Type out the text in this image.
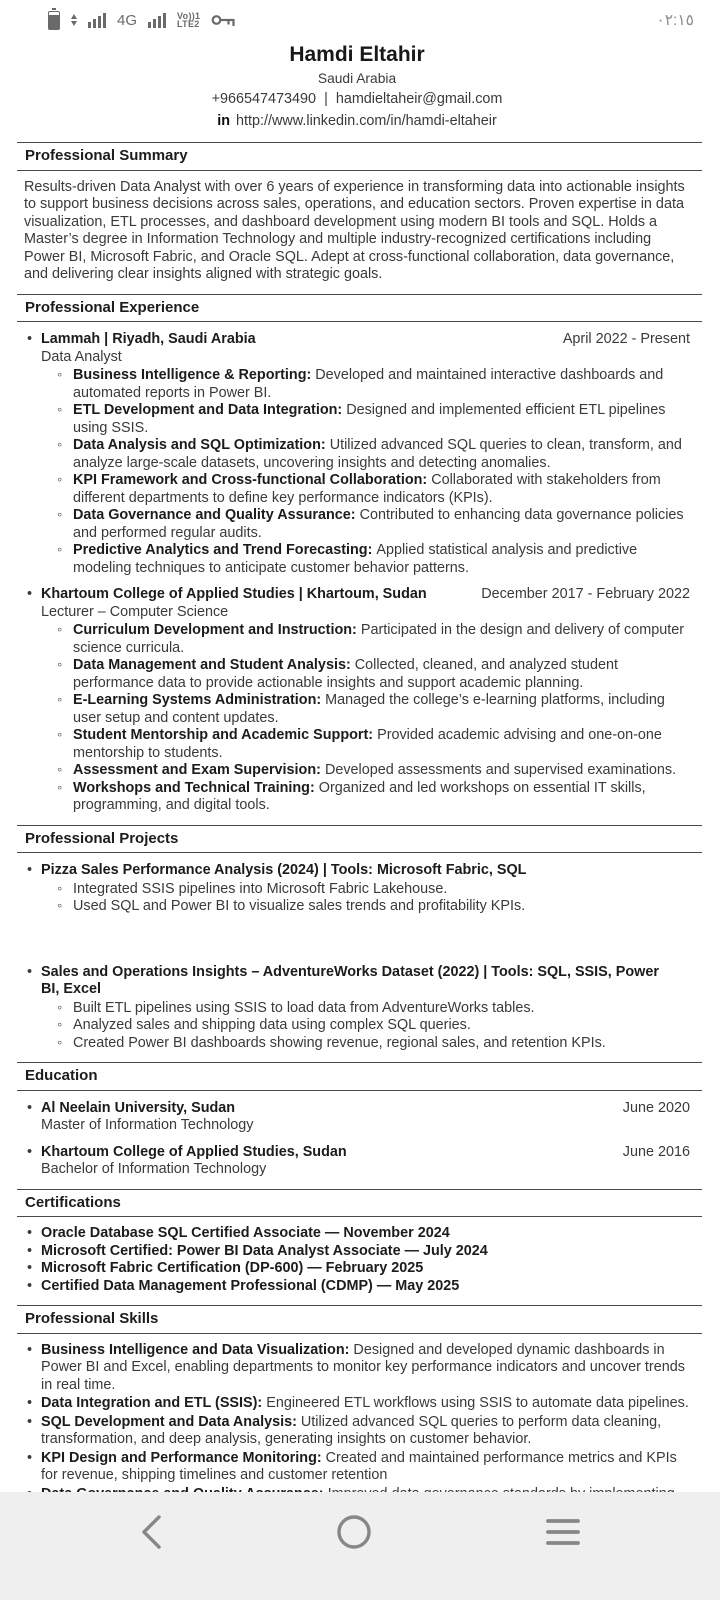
4G	Vo))1
LTE2	٠٢:١٥
Hamdi Eltahir
Saudi Arabia
+966547473490 | hamdieltaheir@gmail.com
in http://www.linkedin.com/in/hamdi-eltaheir
Professional Summary

Results-driven Data Analyst with over 6 years of experience in transforming data into actionable insights to support business decisions across sales, operations, and education sectors. Proven expertise in data visualization, ETL processes, and dashboard development using modern BI tools and SQL. Holds a Master’s degree in Information Technology and multiple industry-recognized certifications including Power BI, Microsoft Fabric, and Oracle SQL. Adept at cross-functional collaboration, data governance, and delivering clear insights aligned with strategic goals.

Professional Experience
• Lammah | Riyadh, Saudi Arabia	April 2022 - Present
Data Analyst
◦ Business Intelligence & Reporting: Developed and maintained interactive dashboards and automated reports in Power BI.
◦ ETL Development and Data Integration: Designed and implemented efficient ETL pipelines using SSIS.
◦ Data Analysis and SQL Optimization: Utilized advanced SQL queries to clean, transform, and analyze large-scale datasets, uncovering insights and detecting anomalies.
◦ KPI Framework and Cross-functional Collaboration: Collaborated with stakeholders from different departments to define key performance indicators (KPIs).
◦ Data Governance and Quality Assurance: Contributed to enhancing data governance policies and performed regular audits.
◦ Predictive Analytics and Trend Forecasting: Applied statistical analysis and predictive modeling techniques to anticipate customer behavior patterns.
• Khartoum College of Applied Studies | Khartoum, Sudan	December 2017 - February 2022
Lecturer – Computer Science
◦ Curriculum Development and Instruction: Participated in the design and delivery of computer science curricula.
◦ Data Management and Student Analysis: Collected, cleaned, and analyzed student performance data to provide actionable insights and support academic planning.
◦ E-Learning Systems Administration: Managed the college’s e-learning platforms, including user setup and content updates.
◦ Student Mentorship and Academic Support: Provided academic advising and one-on-one mentorship to students.
◦ Assessment and Exam Supervision: Developed assessments and supervised examinations.
◦ Workshops and Technical Training: Organized and led workshops on essential IT skills, programming, and digital tools.
Professional Projects
• Pizza Sales Performance Analysis (2024) | Tools: Microsoft Fabric, SQL
◦ Integrated SSIS pipelines into Microsoft Fabric Lakehouse.
◦ Used SQL and Power BI to visualize sales trends and profitability KPIs.
• Sales and Operations Insights – AdventureWorks Dataset (2022) | Tools: SQL, SSIS, Power BI, Excel
◦ Built ETL pipelines using SSIS to load data from AdventureWorks tables.
◦ Analyzed sales and shipping data using complex SQL queries.
◦ Created Power BI dashboards showing revenue, regional sales, and retention KPIs.
Education
• Al Neelain University, Sudan	June 2020
Master of Information Technology
• Khartoum College of Applied Studies, Sudan	June 2016
Bachelor of Information Technology
Certifications
• Oracle Database SQL Certified Associate — November 2024
• Microsoft Certified: Power BI Data Analyst Associate — July 2024
• Microsoft Fabric Certification (DP-600) — February 2025
• Certified Data Management Professional (CDMP) — May 2025
Professional Skills
• Business Intelligence and Data Visualization: Designed and developed dynamic dashboards in Power BI and Excel, enabling departments to monitor key performance indicators and uncover trends in real time.
• Data Integration and ETL (SSIS): Engineered ETL workflows using SSIS to automate data pipelines.
• SQL Development and Data Analysis: Utilized advanced SQL queries to perform data cleaning, transformation, and deep analysis, generating insights on customer behavior.
• KPI Design and Performance Monitoring: Created and maintained performance metrics and KPIs for revenue, shipping timelines and customer retention
•
•
